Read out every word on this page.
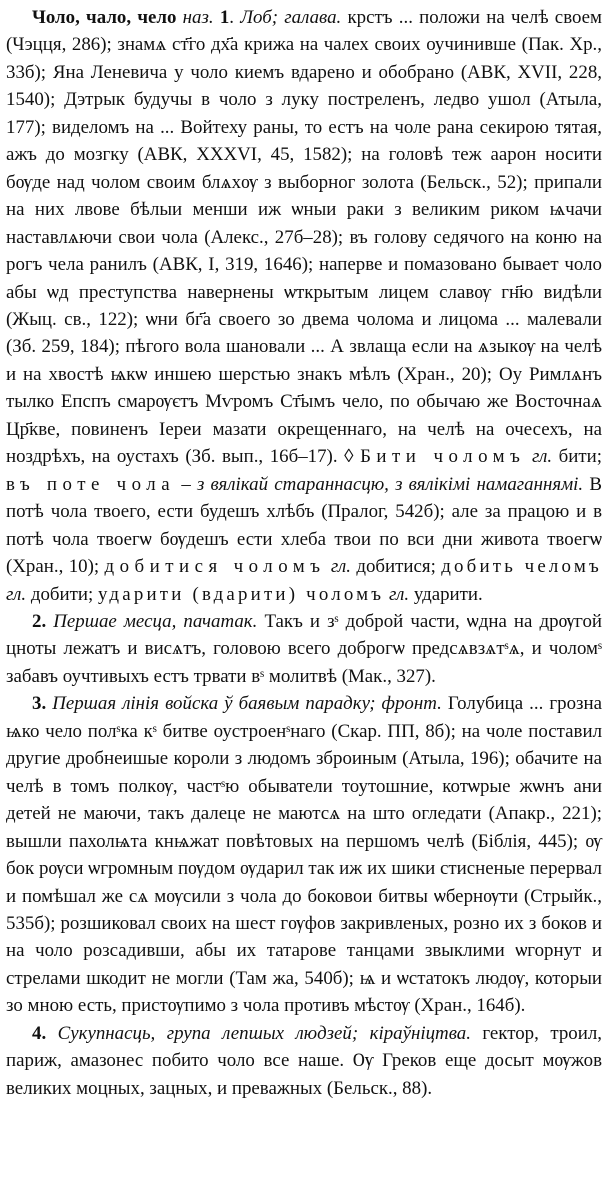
Чоло, чало, чело наз. 1. Лоб; галава. крстъ ... положи на челѣ своем (Чэцця, 286); знамѧ ст҃го дх҃а крижа на чалех своих оучинивше (Пак. Хр., 33б); Яна Леневича у чоло киемъ вдарено и обобрано (АВК, XVII, 228, 1540); Дэтрык будучы в чоло з луку постреленъ, ледво ушол (Атыла, 177); виделомъ на ... Войтеху раны, то естъ на чоле рана секирою тятая, ажъ до мозгку (АВК, XXXVI, 45, 1582); на головѣ теж аарон носити бѹде над чолом своим блѧхѹ з выборног золота (Бельск., 52); припали на них лвове бѣлыи менши иж ѡныи раки з великим риком ѩчачи наставлѧючи свои чола (Алекс., 27б–28); въ голову седячого на коню на рогъ чела ранилъ (АВК, I, 319, 1646); наперве и помазовано бывает чоло абы ѡд преступства навернены ѡткрытым лицем славѹ гн҃ю видѣли (Жыц. св., 122); ѡни бг҃а своего зо двема чолома и лицома ... малевали (Зб. 259, 184); пѣгого вола шановали ... А звлаща если на ѧзыкѹ на челѣ и на хвостѣ ѩкѡ иншею шерстью знакъ мѣлъ (Хран., 20); Оу Римлѧнъ тылко Епспъ смарѹєтъ Мѵромъ Ст҃ымъ чело, по обычаю же Восточнаѧ Цр҃кве, повиненъ Іереи мазати окрещеннаго, на челѣ на очесехъ, на ноздрѣхъ, на оустахъ (Зб. вып., 16б–17). ◊ Бити чоломъ гл. бити; въ поте чола – з вялікай стараннасцю, з вялікімі намаганнямі. В потѣ чола твоего, ести будешъ хлѣбъ (Пралог, 542б); але за працою и в потѣ чола твоегѡ бѹдешъ ести хлеба твои по вси дни живота твоегѡ (Хран., 10); добитися чоломъ гл. добитися; добить челомъ гл. добити; ударити (вдарити) чоломъ гл. ударити.

2. Першае месца, пачатак. Такъ и зˢ доброй части, ѡдна на дрѹгой цноты лежатъ и висѧтъ, головою всего доброгѡ предсѧвзѧтˢѧ, и чоломˢ забавъ оучтивыхъ естъ трвати вˢ молитвѣ (Мак., 327).

3. Першая лінія войска ў баявым парадку; фронт. Голубица ... грозна ѩко чело полˢка кˢ битве оустроенˢнаго (Скар. ПП, 8б); на чоле поставил другие дробнеишые короли з людомъ зброиным (Атыла, 196); обачите на челѣ в томъ полкѹ, частˢю обыватели тоутошние, котѡрые жѡнъ ани детей не маючи, такъ далеце не маютсѧ на што огледати (Апакр., 221); вышли пахолѩта кнѩжат повѣтовых на першомъ челѣ (Біблія, 445); ѹ бок рѹси ѡгромным пѹдом ѹдарил так иж их шики стисненые перервал и помѣшал же сѧ мѹсили з чола до боковои битвы ѡбернѹти (Стрыйк., 535б); розшиковал своих на шест гѹфов закривленых, розно их з боков и на чоло розсадивши, абы их татарове танцами звыклими ѡгорнут и стрелами шкодит не могли (Там жа, 540б); ѩ и ѡстатокъ людѹ, которыи зо мною есть, пристѹпимо з чола противъ мѣстѹ (Хран., 164б).

4. Сукупнасць, група лепшых людзей; кіраўніцтва. гектор, троил, париж, амазонес побито чоло все наше. Ѹ Греков еще досыт мѹжов великих моцных, зацных, и преважных (Бельск., 88).
